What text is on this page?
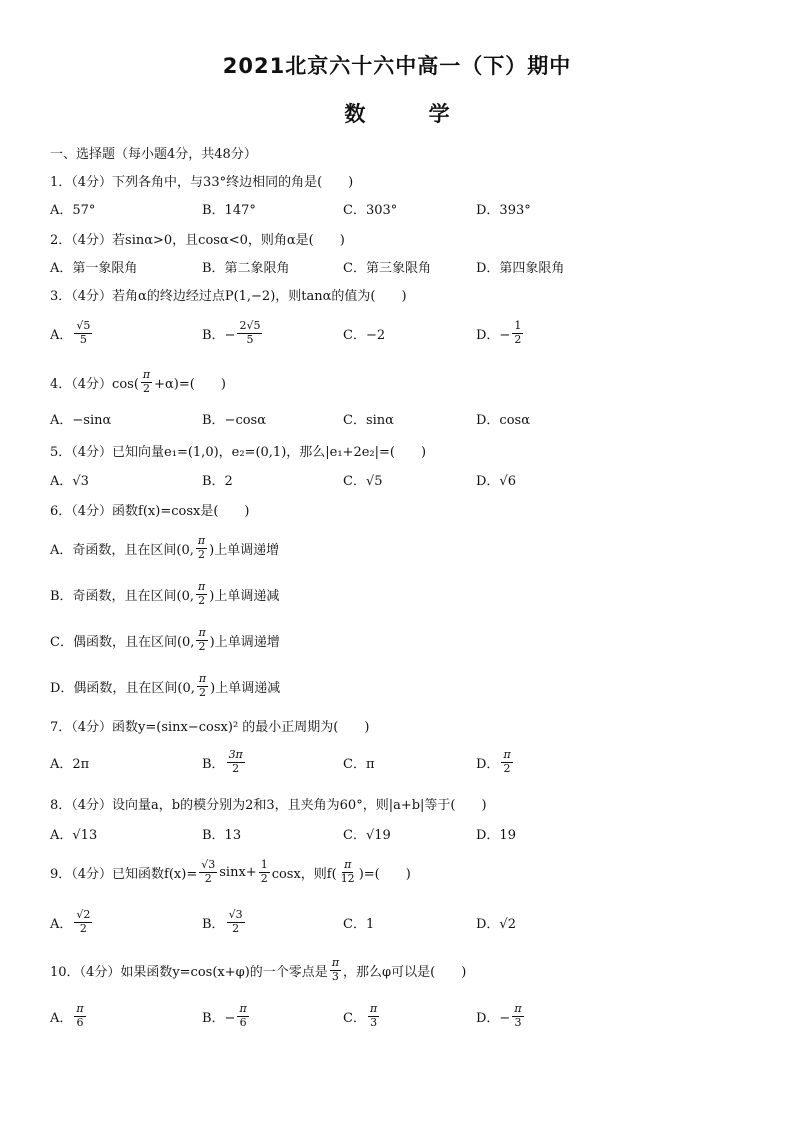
2021北京六十六中高一（下）期中
数 学
一、选择题（每小题4分，共48分）
1．（4分）下列各角中，与33°终边相同的角是(　　)
A．57°	B．147°	C．303°	D．393°
2．（4分）若sinα>0，且cosα<0，则角α是(　　)
A．第一象限角	B．第二象限角	C．第三象限角	D．第四象限角
3．（4分）若角α的终边经过点P(1,−2)，则tanα的值为(　　)
A． $\frac{√5}{5}$	B．− $\frac{2√5}{5}$	C．−2	D．− $\frac{1}{2}$
4．（4分）$\cos( \frac{\pi}{2} +\alpha)=$(　　)
A．−sinα	B．−cosα	C．sinα	D．cosα
5．（4分）已知向量e₁=(1,0)，e₂=(0,1)，那么|e₁+2e₂|=(　　)
A．√3	B．2	C．√5	D．√6
6．（4分）函数f(x)=cosx是(　　)
A．奇函数，且在区间(0, $\frac{\pi}{2}$ )上单调递增
B．奇函数，且在区间(0, $\frac{\pi}{2}$ )上单调递减
C．偶函数，且在区间(0, $\frac{\pi}{2}$ )上单调递增
D．偶函数，且在区间(0, $\frac{\pi}{2}$ )上单调递减
7．（4分）函数y=(sinx−cosx)² 的最小正周期为(　　)
A．2π	B． $\frac{3\pi}{2}$	C．π	D． $\frac{\pi}{2}$
8．（4分）设向量a，b的模分别为2和3，且夹角为60°，则|a+b|等于(　　)
A．√13	B．13	C．√19	D．19
9．（4分）已知函数$f(x)= \frac{√3}{2} \sin x+ \frac{1}{2}$ cosx，则$f( \frac{\pi}{12}$ )=(　　)
A． $\frac{√2}{2}$	B． $\frac{√3}{2}$	C．1	D．√2
10．（4分）如果函数y=cos(x+φ)的一个零点是 $\frac{\pi}{3}$ ，那么φ可以是(　　)
A． $\frac{\pi}{6}$	B．− $\frac{\pi}{6}$	C． $\frac{\pi}{3}$	D．− $\frac{\pi}{3}$
